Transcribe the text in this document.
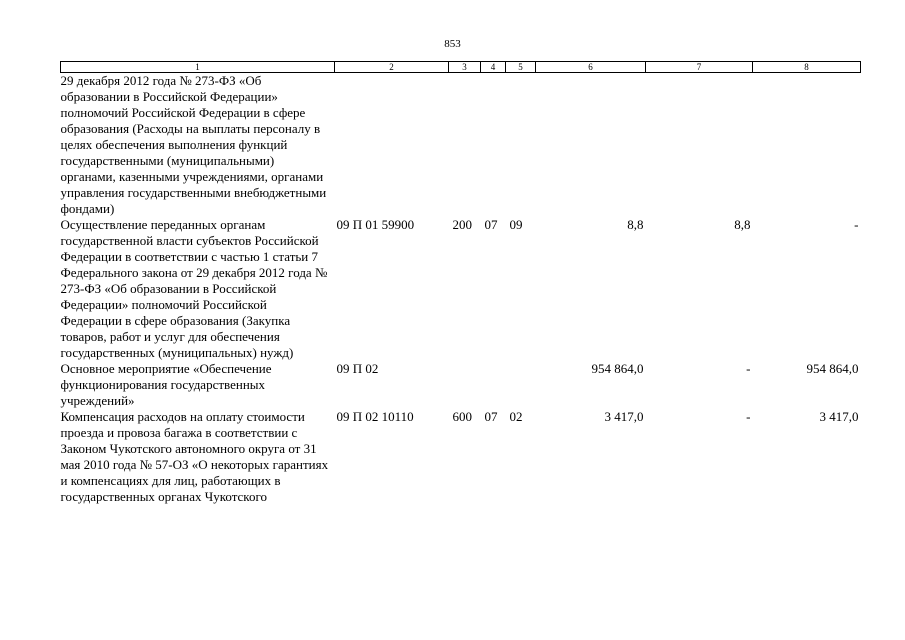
853
1	2	3	4	5	6	7	8
29 декабря 2012 года № 273-ФЗ «Об образовании в Российской Федерации» полномочий Российской Федерации в сфере образования (Расходы на выплаты персоналу в целях обеспечения выполнения функций государственными (муниципальными) органами, казенными учреждениями, органами управления государственными внебюджетными фондами)							
Осуществление переданных органам государственной власти субъектов Российской Федерации в соответствии с частью 1 статьи 7 Федерального закона от 29 декабря 2012 года № 273-ФЗ «Об образовании в Российской Федерации» полномочий Российской Федерации в сфере образования (Закупка товаров, работ и услуг для обеспечения государственных (муниципальных) нужд)	09 П 01 59900	200	07	09	8,8	8,8	-
Основное мероприятие «Обеспечение функционирования государственных учреждений»	09 П 02				954 864,0	-	954 864,0
Компенсация расходов на оплату стоимости проезда и провоза багажа в соответствии с Законом Чукотского автономного округа от 31 мая 2010 года № 57-ОЗ «О некоторых гарантиях и компенсациях для лиц, работающих в государственных органах Чукотского	09 П 02 10110	600	07	02	3 417,0	-	3 417,0
